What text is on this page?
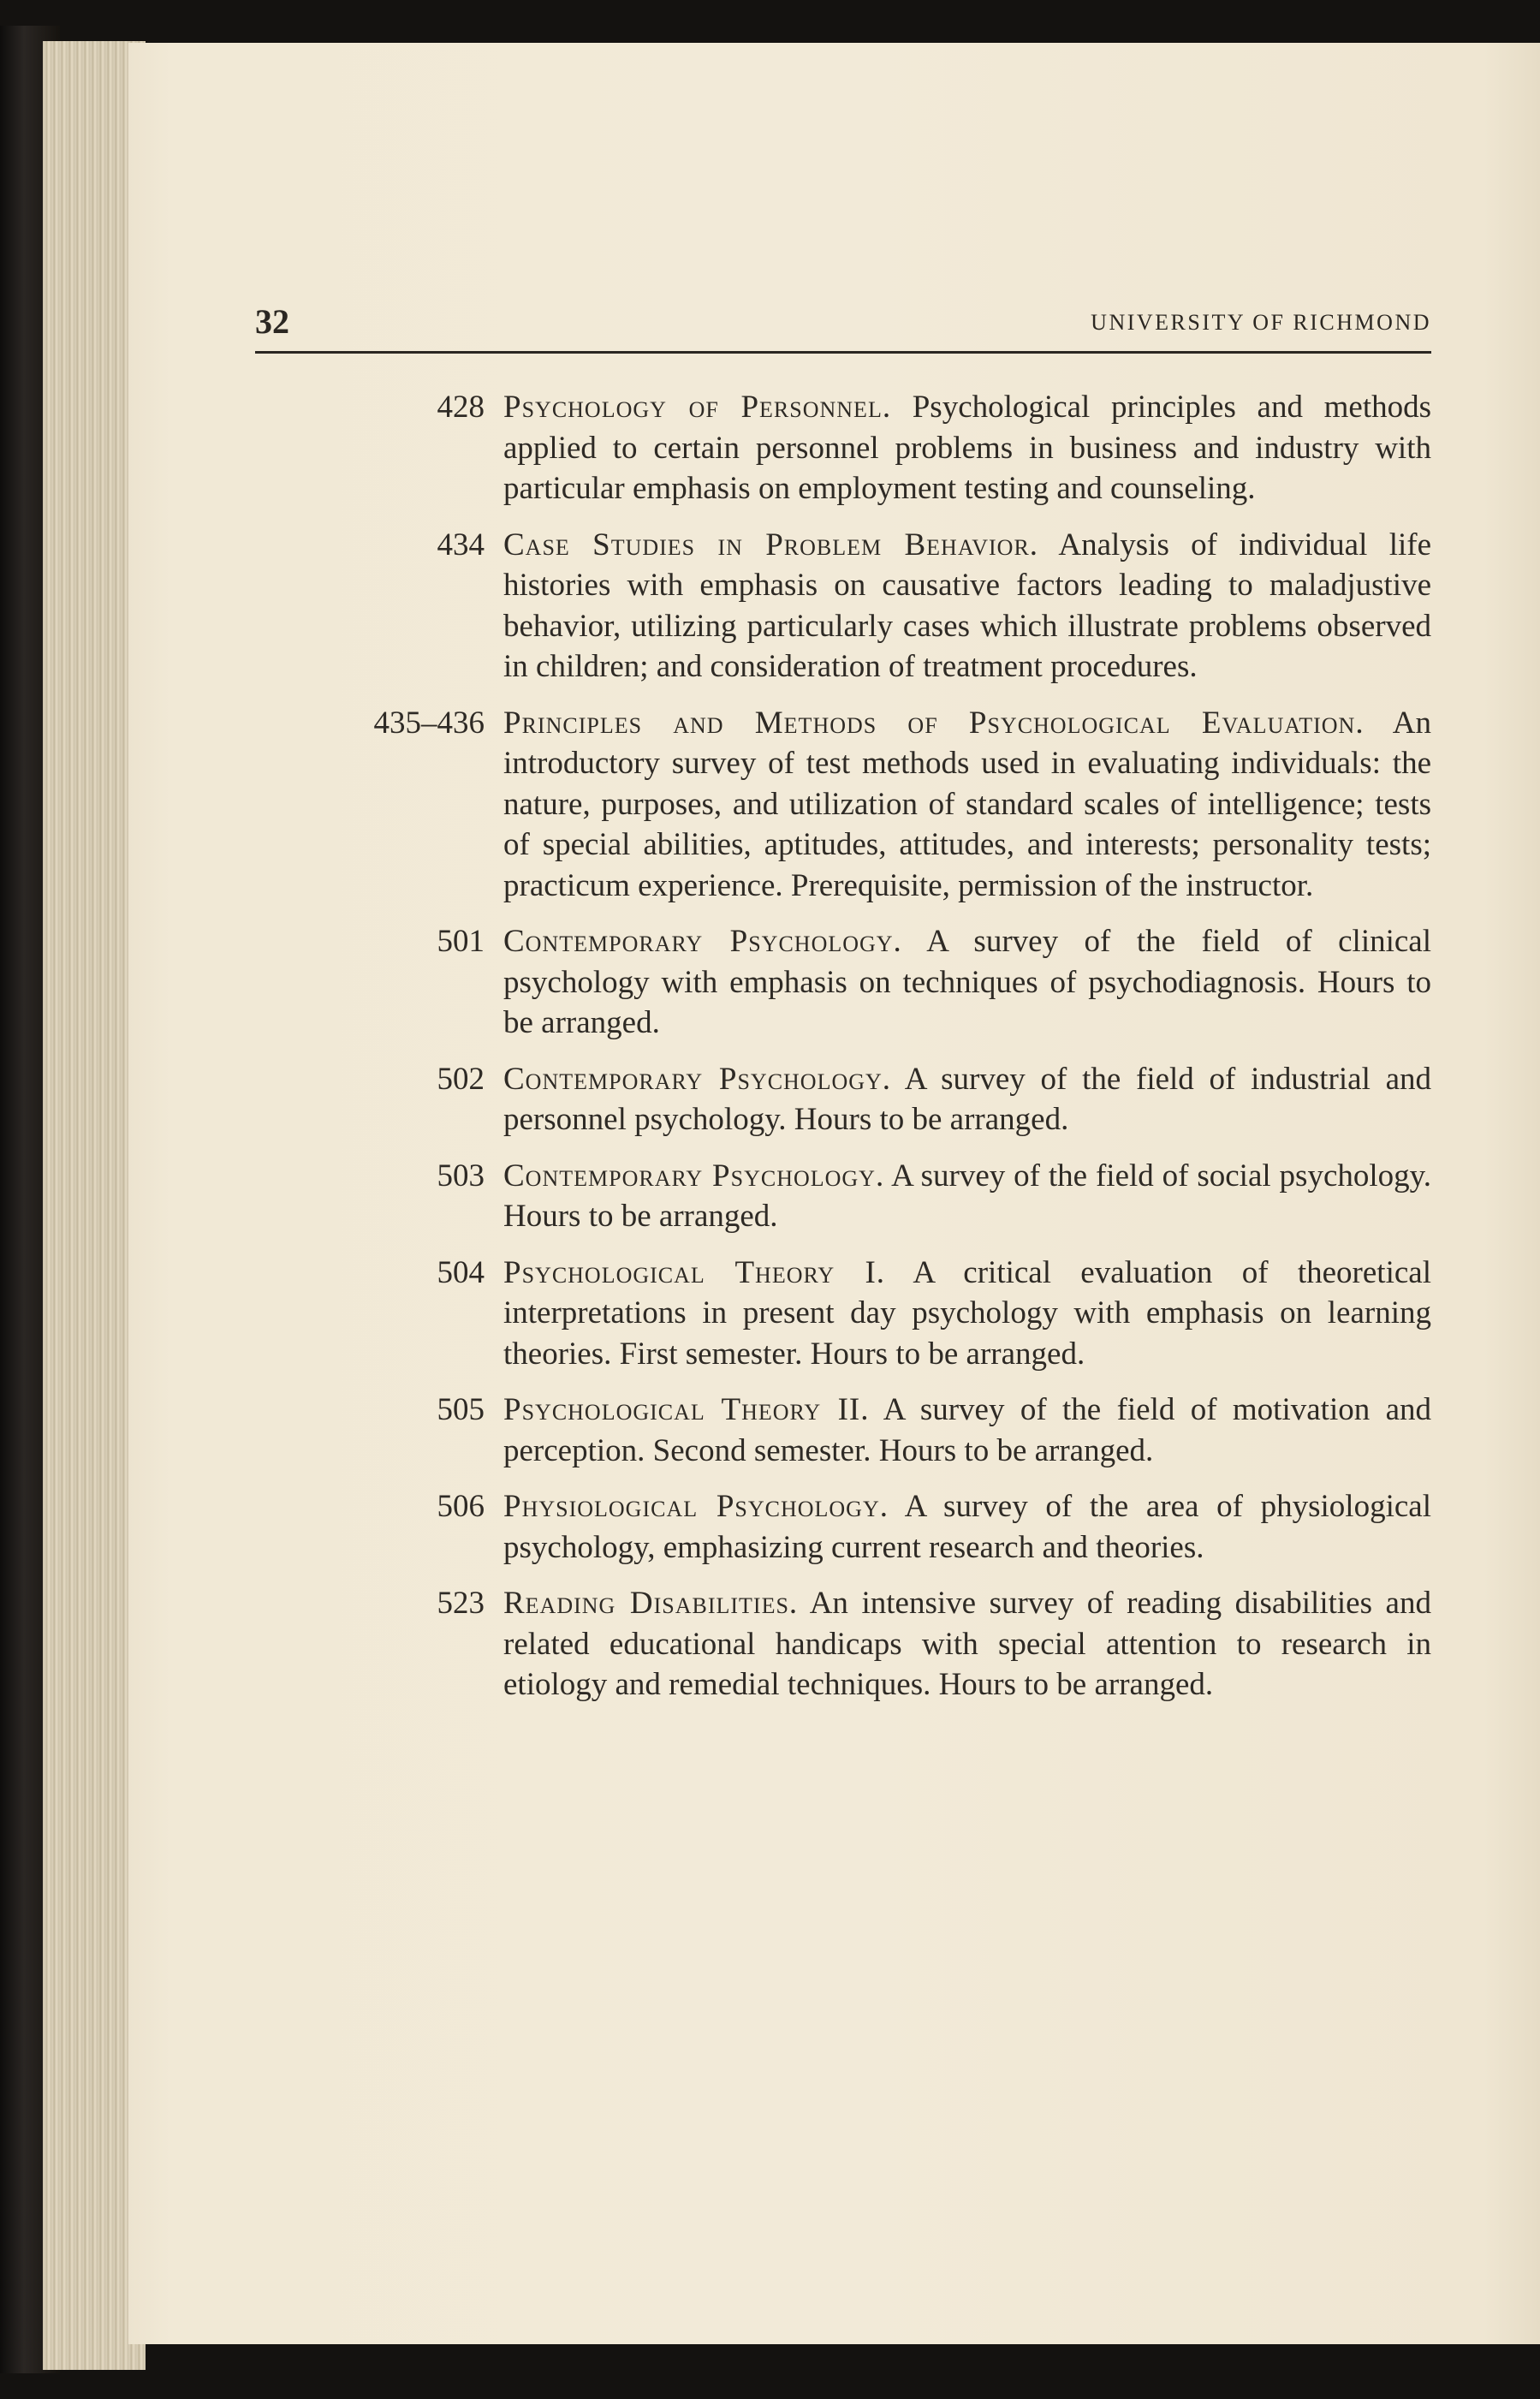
32	UNIVERSITY OF RICHMOND
428 Psychology of Personnel. Psychological principles and methods applied to certain personnel problems in business and industry with particular emphasis on employment testing and counseling.
434 Case Studies in Problem Behavior. Analysis of individual life histories with emphasis on causative factors leading to maladjustive behavior, utilizing particularly cases which illustrate problems observed in children; and consideration of treatment procedures.
435–436 Principles and Methods of Psychological Evaluation. An introductory survey of test methods used in evaluating individuals: the nature, purposes, and utilization of standard scales of intelligence; tests of special abilities, aptitudes, attitudes, and interests; personality tests; practicum experience. Prerequisite, permission of the instructor.
501 Contemporary Psychology. A survey of the field of clinical psychology with emphasis on techniques of psychodiagnosis. Hours to be arranged.
502 Contemporary Psychology. A survey of the field of industrial and personnel psychology. Hours to be arranged.
503 Contemporary Psychology. A survey of the field of social psychology. Hours to be arranged.
504 Psychological Theory I. A critical evaluation of theoretical interpretations in present day psychology with emphasis on learning theories. First semester. Hours to be arranged.
505 Psychological Theory II. A survey of the field of motivation and perception. Second semester. Hours to be arranged.
506 Physiological Psychology. A survey of the area of physiological psychology, emphasizing current research and theories.
523 Reading Disabilities. An intensive survey of reading disabilities and related educational handicaps with special attention to research in etiology and remedial techniques. Hours to be arranged.
